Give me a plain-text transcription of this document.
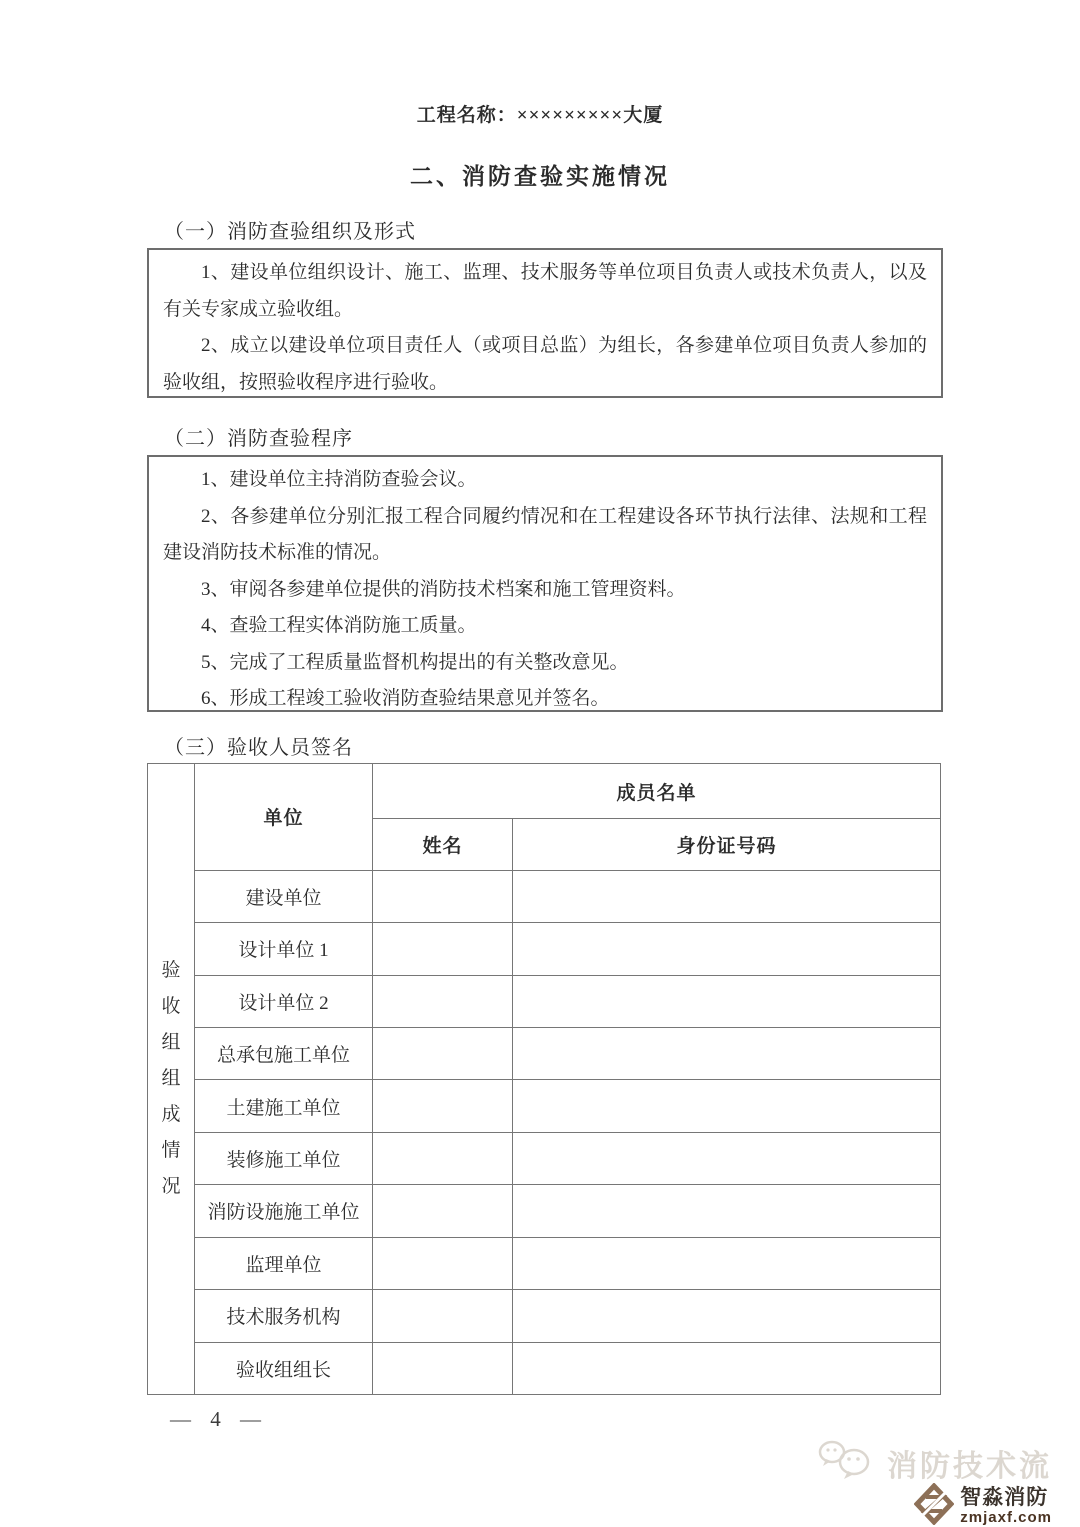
工程名称：×××××××××大厦
二、消防查验实施情况
（一）消防查验组织及形式

1、建设单位组织设计、施工、监理、技术服务等单位项目负责人或技术负责人，以及有关专家成立验收组。

2、成立以建设单位项目责任人（或项目总监）为组长，各参建单位项目负责人参加的验收组，按照验收程序进行验收。

（二）消防查验程序

1、建设单位主持消防查验会议。

2、各参建单位分别汇报工程合同履约情况和在工程建设各环节执行法律、法规和工程建设消防技术标准的情况。

3、审阅各参建单位提供的消防技术档案和施工管理资料。

4、查验工程实体消防施工质量。

5、完成了工程质量监督机构提出的有关整改意见。

6、形成工程竣工验收消防查验结果意见并签名。

（三）验收人员签名
验收组组成情况	单位	成员名单	
		姓名	身份证号码
	建设单位		
	设计单位 1		
	设计单位 2		
	总承包施工单位		
	土建施工单位		
	装修施工单位		
	消防设施施工单位		
	监理单位		
	技术服务机构		
	验收组组长		
— 4 —
消防技术流
智淼消防
zmjaxf.com
